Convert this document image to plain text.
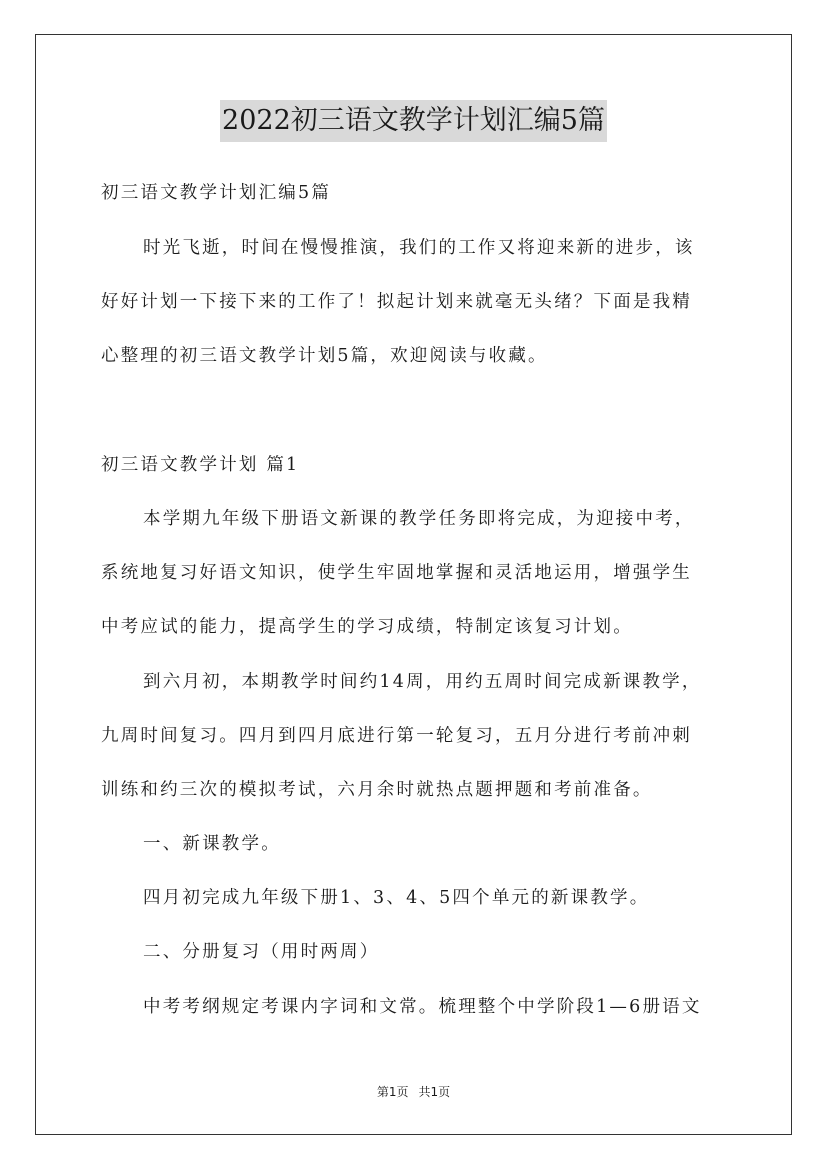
2022初三语文教学计划汇编5篇

初三语文教学计划汇编5篇

时光飞逝，时间在慢慢推演，我们的工作又将迎来新的进步，该

好好计划一下接下来的工作了！拟起计划来就毫无头绪？下面是我精

心整理的初三语文教学计划5篇，欢迎阅读与收藏。

初三语文教学计划 篇1

本学期九年级下册语文新课的教学任务即将完成，为迎接中考，

系统地复习好语文知识，使学生牢固地掌握和灵活地运用，增强学生

中考应试的能力，提高学生的学习成绩，特制定该复习计划。

到六月初，本期教学时间约14周，用约五周时间完成新课教学，

九周时间复习。四月到四月底进行第一轮复习，五月分进行考前冲刺

训练和约三次的模拟考试，六月余时就热点题押题和考前准备。

一、新课教学。

四月初完成九年级下册1、3、4、5四个单元的新课教学。

二、分册复习（用时两周）

中考考纲规定考课内字词和文常。梳理整个中学阶段1—6册语文

第1页 共1页
